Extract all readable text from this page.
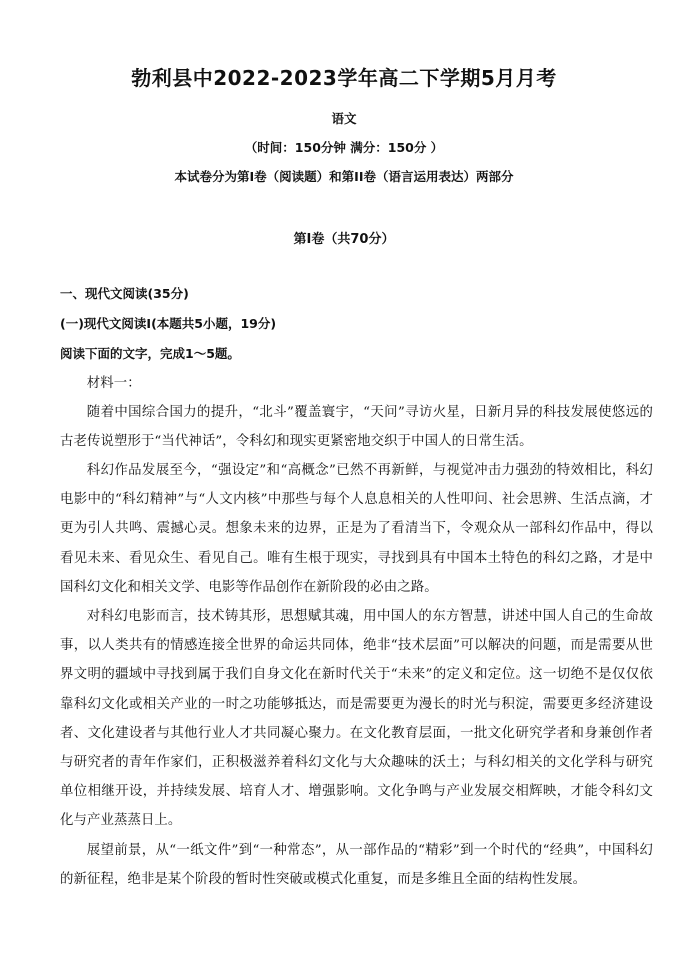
勃利县中2022-2023学年高二下学期5月月考
语文
（时间：150分钟 满分：150分 ）
本试卷分为第I卷（阅读题）和第II卷（语言运用表达）两部分
第I卷（共70分）
一、现代文阅读(35分)
(一)现代文阅读I(本题共5小题，19分)
阅读下面的文字，完成1～5题。

材料一：

随着中国综合国力的提升，“北斗”覆盖寰宇，“天问”寻访火星，日新月异的科技发展使悠远的古老传说塑形于“当代神话”，令科幻和现实更紧密地交织于中国人的日常生活。

科幻作品发展至今，“强设定”和“高概念”已然不再新鲜，与视觉冲击力强劲的特效相比，科幻电影中的“科幻精神”与“人文内核”中那些与每个人息息相关的人性叩问、社会思辨、生活点滴，才更为引人共鸣、震撼心灵。想象未来的边界，正是为了看清当下，令观众从一部科幻作品中，得以看见未来、看见众生、看见自己。唯有生根于现实，寻找到具有中国本土特色的科幻之路，才是中国科幻文化和相关文学、电影等作品创作在新阶段的必由之路。

对科幻电影而言，技术铸其形，思想赋其魂，用中国人的东方智慧，讲述中国人自己的生命故事，以人类共有的情感连接全世界的命运共同体，绝非“技术层面”可以解决的问题，而是需要从世界文明的疆域中寻找到属于我们自身文化在新时代关于“未来”的定义和定位。这一切绝不是仅仅依靠科幻文化或相关产业的一时之功能够抵达，而是需要更为漫长的时光与积淀，需要更多经济建设者、文化建设者与其他行业人才共同凝心聚力。在文化教育层面，一批文化研究学者和身兼创作者与研究者的青年作家们，正积极滋养着科幻文化与大众趣味的沃土；与科幻相关的文化学科与研究单位相继开设，并持续发展、培育人才、增强影响。文化争鸣与产业发展交相辉映，才能令科幻文化与产业蒸蒸日上。

展望前景，从“一纸文件”到“一种常态”，从一部作品的“精彩”到一个时代的“经典”，中国科幻的新征程，绝非是某个阶段的暂时性突破或模式化重复，而是多维且全面的结构性发展。
